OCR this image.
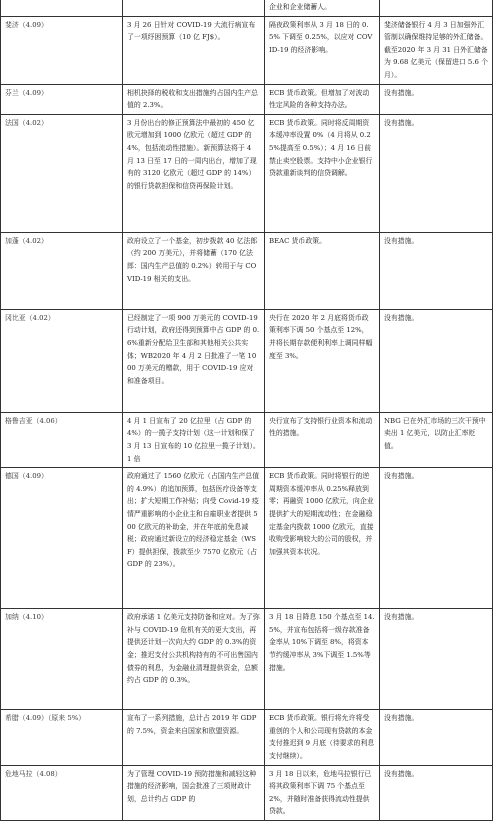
		企业和企业储蓄人。	
斐济（4.09）	3 月 26 日针对 COVID-19 大流行病宣布了一项纾困预算（10 亿 FJ$）。	隔夜政策利率从 3 月 18 日的 0.5% 下调至 0.25%，以应对 COVID-19 的经济影响。	斐济储备银行 4 月 3 日加强外汇管制以确保维持足够的外汇储备。截至2020 年 3 月 31 日外汇储备为 9.68 亿美元（保留进口 5.6 个月）。
芬兰（4.09）	相机抉择的税收和支出措施约占国内生产总值的 2.3%。	ECB 货币政策。但增加了对波动性定风险的各种支持办法。	没有措施。
法国（4.02）	3 月份出台的修正预算法中最初的 450 亿欧元增加到 1000 亿欧元（超过 GDP 的 4%，包括流动性措施）。新预算法将于 4 月 13 日至 17 日的一周内出台，增加了现有的 3120 亿欧元（超过 GDP 的 14%）的银行贷款担保和信贷再保险计划。	ECB 货币政策。同时将反周期资本缓冲率设置 0%（4 月将从 0.25%提高至 0.5%）；4 月 16 日前禁止卖空股票。支持中小企业银行贷款重新谈判的信贷调解。	没有措施。
加蓬（4.02）	政府设立了一个基金，初步拨款 40 亿法郎（约 200 万美元），并将储蓄（170 亿法郎：国内生产总值的 0.2%）转用于与 COVID-19 相关的支出。	BEAC 货币政策。	没有措施。
冈比亚（4.02）	已经制定了一项 900 万美元的 COVID-19 行动计划，政府还得到预算中占 GDP 的 0.6%重新分配给卫生部和其他相关公共实体；WB2020 年 4 月 2 日批准了一笔 1000 万美元的赠款，用于 COVID-19 应对和准备项目。	央行在 2020 年 2 月底将货币政策利率下调 50 个基点至 12%，并将长期存款便利利率上调同样幅度至 3%。	没有措施。
格鲁吉亚（4.06）	4 月 1 日宣布了 20 亿拉里（占 GDP 的 4%）的一揽子支持计划（这一计划和保了 3 月 13 日宣布的 10 亿拉里一揽子计划）。1 倍	央行宣布了支持银行业资本和流动性的措施。	NBG 已在外汇市场的三次干预中卖出 1 亿美元，以防止汇率贬值。
德国（4.09）	政府通过了 1560 亿欧元（占国内生产总值的 4.9%）的追加预算，包括医疗设备等支出；扩大短期工作补贴；向受 Covid-19 疫情严重影响的小企业主和自雇职业者提供 500 亿欧元的补助金，并在年底前免息减税；政府通过新设立的经济稳定基金（WSF）提供担保，拨款至少 7570 亿欧元（占 GDP 的 23%）。	ECB 货币政策。同时将银行的逆周期资本缓冲率从 0.25%释放到零；再融资 1000 亿欧元，向企业提供扩大的短期流动性；在金融稳定基金内拨款 1000 亿欧元，直接收购受影响较大的公司的股权，并加强其资本状况。	没有措施。
加纳（4.10）	政府承诺 1 亿美元支持防备和应对。为了弥补与 COVID-19 危机有关的更大支出，再提供还计划一次向大约 GDP 的 0.3%的资金；推迟支付公共机构持有的不可出售国内债券的利息，为金融业清理提供资金，总额约占 GDP 的 0.3%。	3 月 18 日降息 150 个基点至 14.5%，并宣布包括将一级存款准备金率从 10%下调至 8%，将资本节约缓冲率从 3%下调至 1.5%等措施。	没有措施。
希腊（4.09）（原来 5%）	宣布了一系列措施，总计占 2019 年 GDP 的 7.5%，资金来自国家和欧盟资源。	ECB 货币政策。银行将允许将受重创的个人和公司现有贷款的本金支付推迟到 9 月底（待要求的利息支付继续）。	没有措施。
危地马拉（4.08）	为了管理 COVID-19 预防措施和减轻这种措施的经济影响，国会批准了三项财政计划，总计约占 GDP 的	3 月 18 日以来，危地马拉银行已将其政策利率下调 75 个基点至 2%，并随时准备获得流动性提供贷款。	没有措施。
